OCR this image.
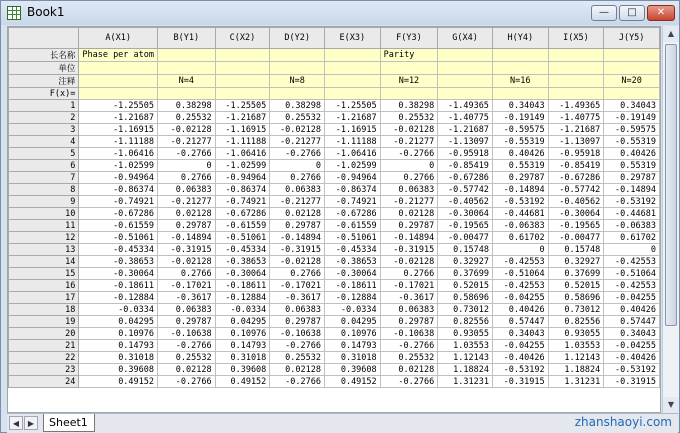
Book1	—	□	✕
	A(X1)	B(Y1)	C(X2)	D(Y2)	E(X3)	F(Y3)	G(X4)	H(Y4)	I(X5)	J(Y5)
长名称	Phase per atom					Parity				
单位										
注释		N=4		N=8		N=12		N=16		N=20
F(x)=										
1	-1.25505	0.38298	-1.25505	0.38298	-1.25505	0.38298	-1.49365	0.34043	-1.49365	0.34043
2	-1.21687	0.25532	-1.21687	0.25532	-1.21687	0.25532	-1.40775	-0.19149	-1.40775	-0.19149
3	-1.16915	-0.02128	-1.16915	-0.02128	-1.16915	-0.02128	-1.21687	-0.59575	-1.21687	-0.59575
4	-1.11188	-0.21277	-1.11188	-0.21277	-1.11188	-0.21277	-1.13097	-0.55319	-1.13097	-0.55319
5	-1.06416	-0.2766	-1.06416	-0.2766	-1.06416	-0.2766	-0.95918	0.40426	-0.95918	0.40426
6	-1.02599	0	-1.02599	0	-1.02599	0	-0.85419	0.55319	-0.85419	0.55319
7	-0.94964	0.2766	-0.94964	0.2766	-0.94964	0.2766	-0.67286	0.29787	-0.67286	0.29787
8	-0.86374	0.06383	-0.86374	0.06383	-0.86374	0.06383	-0.57742	-0.14894	-0.57742	-0.14894
9	-0.74921	-0.21277	-0.74921	-0.21277	-0.74921	-0.21277	-0.40562	-0.53192	-0.40562	-0.53192
10	-0.67286	0.02128	-0.67286	0.02128	-0.67286	0.02128	-0.30064	-0.44681	-0.30064	-0.44681
11	-0.61559	0.29787	-0.61559	0.29787	-0.61559	0.29787	-0.19565	-0.06383	-0.19565	-0.06383
12	-0.51061	-0.14894	-0.51061	-0.14894	-0.51061	-0.14894	-0.00477	0.61702	-0.00477	0.61702
13	-0.45334	-0.31915	-0.45334	-0.31915	-0.45334	-0.31915	0.15748	0	0.15748	0
14	-0.38653	-0.02128	-0.38653	-0.02128	-0.38653	-0.02128	0.32927	-0.42553	0.32927	-0.42553
15	-0.30064	0.2766	-0.30064	0.2766	-0.30064	0.2766	0.37699	-0.51064	0.37699	-0.51064
16	-0.18611	-0.17021	-0.18611	-0.17021	-0.18611	-0.17021	0.52015	-0.42553	0.52015	-0.42553
17	-0.12884	-0.3617	-0.12884	-0.3617	-0.12884	-0.3617	0.58696	-0.04255	0.58696	-0.04255
18	-0.0334	0.06383	-0.0334	0.06383	-0.0334	0.06383	0.73012	0.40426	0.73012	0.40426
19	0.04295	0.29787	0.04295	0.29787	0.04295	0.29787	0.82556	0.57447	0.82556	0.57447
20	0.10976	-0.10638	0.10976	-0.10638	0.10976	-0.10638	0.93055	0.34043	0.93055	0.34043
21	0.14793	-0.2766	0.14793	-0.2766	0.14793	-0.2766	1.03553	-0.04255	1.03553	-0.04255
22	0.31018	0.25532	0.31018	0.25532	0.31018	0.25532	1.12143	-0.40426	1.12143	-0.40426
23	0.39608	0.02128	0.39608	0.02128	0.39608	0.02128	1.18824	-0.53192	1.18824	-0.53192
24	0.49152	-0.2766	0.49152	-0.2766	0.49152	-0.2766	1.31231	-0.31915	1.31231	-0.31915
▲
▼
◀	▶	Sheet1	zhanshaoyi.com
